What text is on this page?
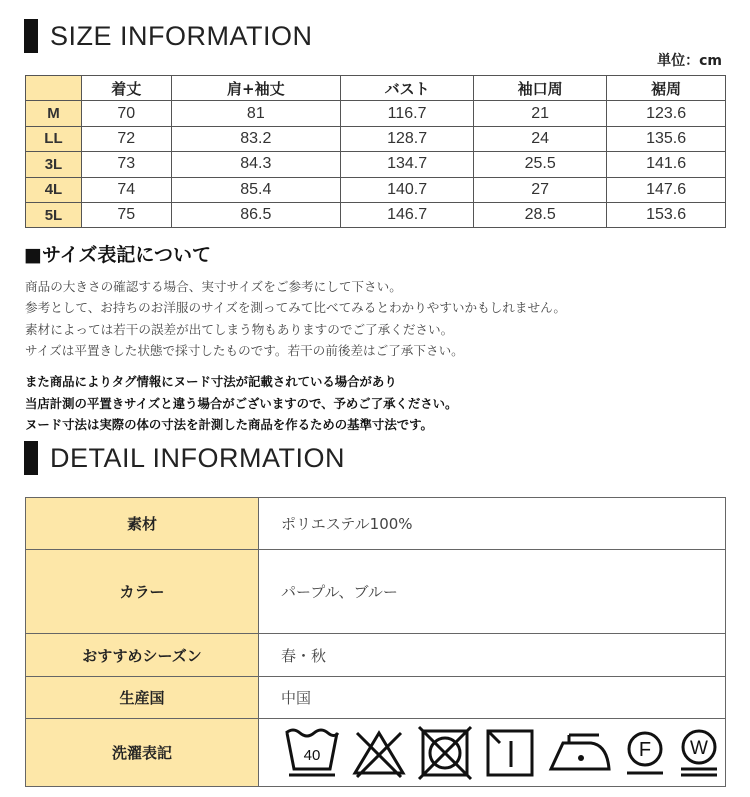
SIZE INFORMATION
単位：cm
	着丈	肩+袖丈	バスト	袖口周	裾周
M	70	81	116.7	21	123.6
LL	72	83.2	128.7	24	135.6
3L	73	84.3	134.7	25.5	141.6
4L	74	85.4	140.7	27	147.6
5L	75	86.5	146.7	28.5	153.6
■サイズ表記について
商品の大きさの確認する場合、実寸サイズをご参考にして下さい。
参考として、お持ちのお洋服のサイズを測ってみて比べてみるとわかりやすいかもしれません。
素材によっては若干の誤差が出てしまう物もありますのでご了承ください。
サイズは平置きした状態で採寸したものです。若干の前後差はご了承下さい。
また商品によりタグ情報にヌード寸法が記載されている場合があり
当店計測の平置きサイズと違う場合がございますので、予めご了承ください。
ヌード寸法は実際の体の寸法を計測した商品を作るための基準寸法です。
DETAIL INFORMATION
素材	ポリエステル100%
カラー	パープル、ブルー
おすすめシーズン	春・秋
生産国	中国
洗濯表記	40 F W
